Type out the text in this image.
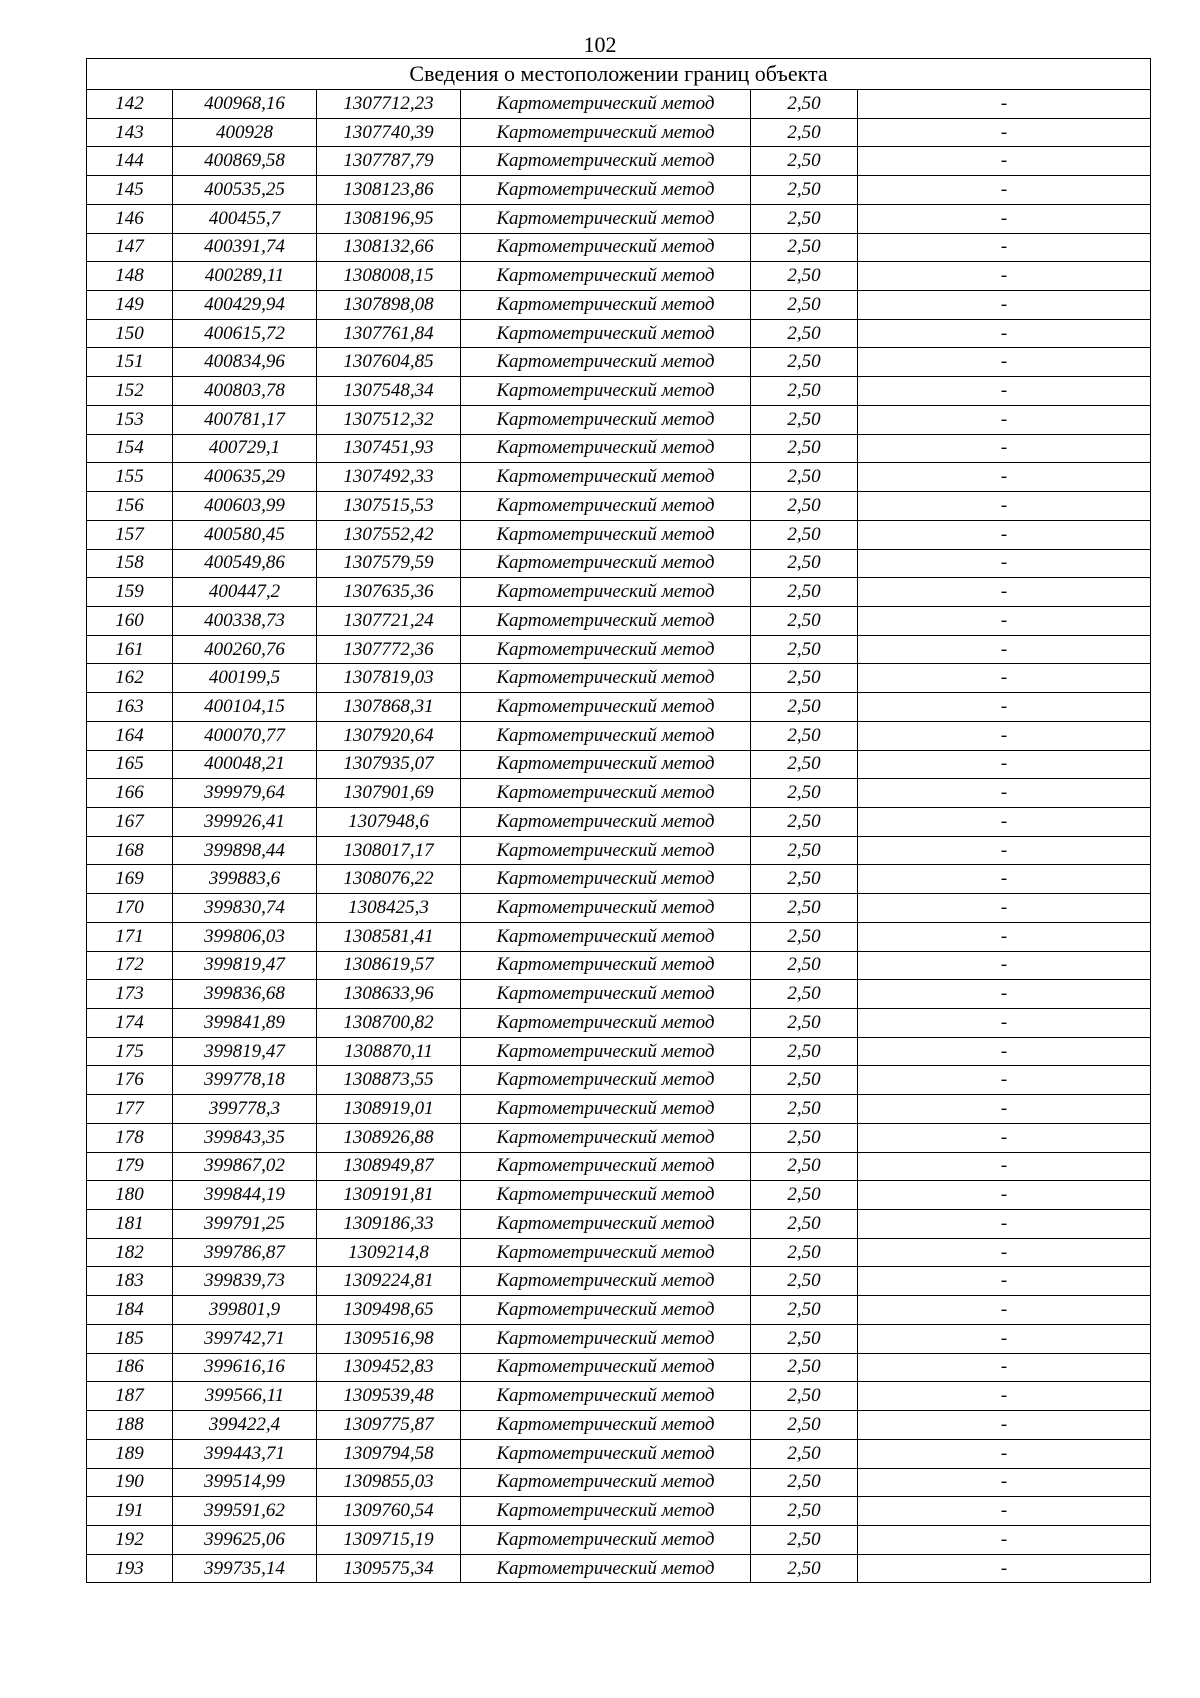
102
Сведения о местоположении границ объекта					
142	400968,16	1307712,23	Картометрический метод	2,50	-
143	400928	1307740,39	Картометрический метод	2,50	-
144	400869,58	1307787,79	Картометрический метод	2,50	-
145	400535,25	1308123,86	Картометрический метод	2,50	-
146	400455,7	1308196,95	Картометрический метод	2,50	-
147	400391,74	1308132,66	Картометрический метод	2,50	-
148	400289,11	1308008,15	Картометрический метод	2,50	-
149	400429,94	1307898,08	Картометрический метод	2,50	-
150	400615,72	1307761,84	Картометрический метод	2,50	-
151	400834,96	1307604,85	Картометрический метод	2,50	-
152	400803,78	1307548,34	Картометрический метод	2,50	-
153	400781,17	1307512,32	Картометрический метод	2,50	-
154	400729,1	1307451,93	Картометрический метод	2,50	-
155	400635,29	1307492,33	Картометрический метод	2,50	-
156	400603,99	1307515,53	Картометрический метод	2,50	-
157	400580,45	1307552,42	Картометрический метод	2,50	-
158	400549,86	1307579,59	Картометрический метод	2,50	-
159	400447,2	1307635,36	Картометрический метод	2,50	-
160	400338,73	1307721,24	Картометрический метод	2,50	-
161	400260,76	1307772,36	Картометрический метод	2,50	-
162	400199,5	1307819,03	Картометрический метод	2,50	-
163	400104,15	1307868,31	Картометрический метод	2,50	-
164	400070,77	1307920,64	Картометрический метод	2,50	-
165	400048,21	1307935,07	Картометрический метод	2,50	-
166	399979,64	1307901,69	Картометрический метод	2,50	-
167	399926,41	1307948,6	Картометрический метод	2,50	-
168	399898,44	1308017,17	Картометрический метод	2,50	-
169	399883,6	1308076,22	Картометрический метод	2,50	-
170	399830,74	1308425,3	Картометрический метод	2,50	-
171	399806,03	1308581,41	Картометрический метод	2,50	-
172	399819,47	1308619,57	Картометрический метод	2,50	-
173	399836,68	1308633,96	Картометрический метод	2,50	-
174	399841,89	1308700,82	Картометрический метод	2,50	-
175	399819,47	1308870,11	Картометрический метод	2,50	-
176	399778,18	1308873,55	Картометрический метод	2,50	-
177	399778,3	1308919,01	Картометрический метод	2,50	-
178	399843,35	1308926,88	Картометрический метод	2,50	-
179	399867,02	1308949,87	Картометрический метод	2,50	-
180	399844,19	1309191,81	Картометрический метод	2,50	-
181	399791,25	1309186,33	Картометрический метод	2,50	-
182	399786,87	1309214,8	Картометрический метод	2,50	-
183	399839,73	1309224,81	Картометрический метод	2,50	-
184	399801,9	1309498,65	Картометрический метод	2,50	-
185	399742,71	1309516,98	Картометрический метод	2,50	-
186	399616,16	1309452,83	Картометрический метод	2,50	-
187	399566,11	1309539,48	Картометрический метод	2,50	-
188	399422,4	1309775,87	Картометрический метод	2,50	-
189	399443,71	1309794,58	Картометрический метод	2,50	-
190	399514,99	1309855,03	Картометрический метод	2,50	-
191	399591,62	1309760,54	Картометрический метод	2,50	-
192	399625,06	1309715,19	Картометрический метод	2,50	-
193	399735,14	1309575,34	Картометрический метод	2,50	-
